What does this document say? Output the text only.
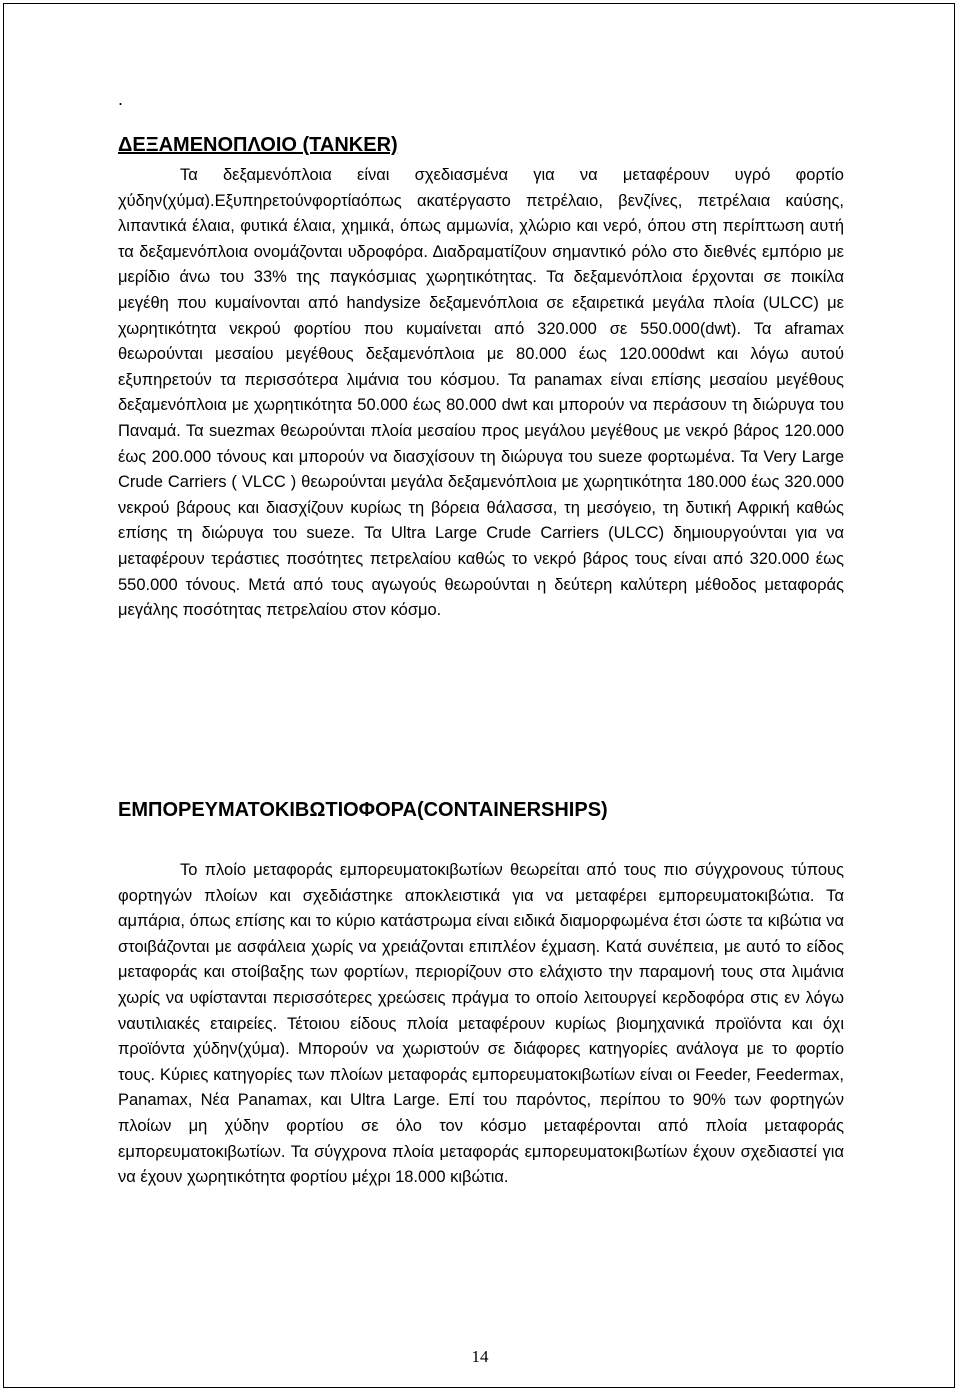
.
ΔΕΞΑΜΕΝΟΠΛΟΙΟ (TANKER)

Τα δεξαμενόπλοια είναι σχεδιασμένα για να μεταφέρουν υγρό φορτίο χύδην(χύμα).Εξυπηρετούνφορτίαόπως ακατέργαστο πετρέλαιο, βενζίνες, πετρέλαια καύσης, λιπαντικά έλαια, φυτικά έλαια, χημικά, όπως αμμωνία, χλώριο και νερό, όπου στη περίπτωση αυτή τα δεξαμενόπλοια ονομάζονται υδροφόρα. Διαδραματίζουν σημαντικό ρόλο στο διεθνές εμπόριο με μερίδιο άνω του 33% της παγκόσμιας χωρητικότητας. Τα δεξαμενόπλοια έρχονται σε ποικίλα μεγέθη που κυμαίνονται από handysize δεξαμενόπλοια σε εξαιρετικά μεγάλα πλοία (ULCC) με χωρητικότητα νεκρού φορτίου που κυμαίνεται από 320.000 σε 550.000(dwt). Τα aframax θεωρούνται μεσαίου μεγέθους δεξαμενόπλοια με 80.000 έως 120.000dwt και λόγω αυτού εξυπηρετούν τα περισσότερα λιμάνια του κόσμου. Τα panamax είναι επίσης μεσαίου μεγέθους δεξαμενόπλοια με χωρητικότητα 50.000 έως 80.000 dwt και μπορούν να περάσουν τη διώρυγα του Παναμά. Τα suezmax θεωρούνται πλοία μεσαίου προς μεγάλου μεγέθους με νεκρό βάρος 120.000 έως 200.000 τόνους και μπορούν να διασχίσουν τη διώρυγα του sueze φορτωμένα. Τα Very Large Crude Carriers ( VLCC ) θεωρούνται μεγάλα δεξαμενόπλοια με χωρητικότητα 180.000 έως 320.000 νεκρού βάρους και διασχίζουν κυρίως τη βόρεια θάλασσα, τη μεσόγειο, τη δυτική Αφρική καθώς επίσης τη διώρυγα του sueze. Τα Ultra Large Crude Carriers (ULCC) δημιουργούνται για να μεταφέρουν τεράστιες ποσότητες πετρελαίου καθώς το νεκρό βάρος τους είναι από 320.000 έως 550.000 τόνους. Μετά από τους αγωγούς θεωρούνται η δεύτερη καλύτερη μέθοδος μεταφοράς μεγάλης ποσότητας πετρελαίου στον κόσμο.

ΕΜΠΟΡΕΥΜΑΤΟΚΙΒΩΤΙΟΦΟΡΑ(CONTAINERSHIPS)

Το πλοίο μεταφοράς εμπορευματοκιβωτίων θεωρείται από τους πιο σύγχρονους τύπους φορτηγών πλοίων και σχεδιάστηκε αποκλειστικά για να μεταφέρει εμπορευματοκιβώτια. Τα αμπάρια, όπως επίσης και το κύριο κατάστρωμα είναι ειδικά διαμορφωμένα έτσι ώστε τα κιβώτια να στοιβάζονται με ασφάλεια χωρίς να χρειάζονται επιπλέον έχμαση. Κατά συνέπεια, με αυτό το είδος μεταφοράς και στοίβαξης των φορτίων, περιορίζουν στο ελάχιστο την παραμονή τους στα λιμάνια χωρίς να υφίστανται περισσότερες χρεώσεις πράγμα το οποίο λειτουργεί κερδοφόρα στις εν λόγω ναυτιλιακές εταιρείες. Τέτοιου είδους πλοία μεταφέρουν κυρίως βιομηχανικά προϊόντα και όχι προϊόντα χύδην(χύμα). Μπορούν να χωριστούν σε διάφορες κατηγορίες ανάλογα με το φορτίο τους. Κύριες κατηγορίες των πλοίων μεταφοράς εμπορευματοκιβωτίων είναι οι Feeder, Feedermax, Panamax, Νέα Panamax, και Ultra Large. Επί του παρόντος, περίπου το 90% των φορτηγών πλοίων μη χύδην φορτίου σε όλο τον κόσμο μεταφέρονται από πλοία μεταφοράς εμπορευματοκιβωτίων. Τα σύγχρονα πλοία μεταφοράς εμπορευματοκιβωτίων έχουν σχεδιαστεί για να έχουν χωρητικότητα φορτίου μέχρι 18.000 κιβώτια.

14
